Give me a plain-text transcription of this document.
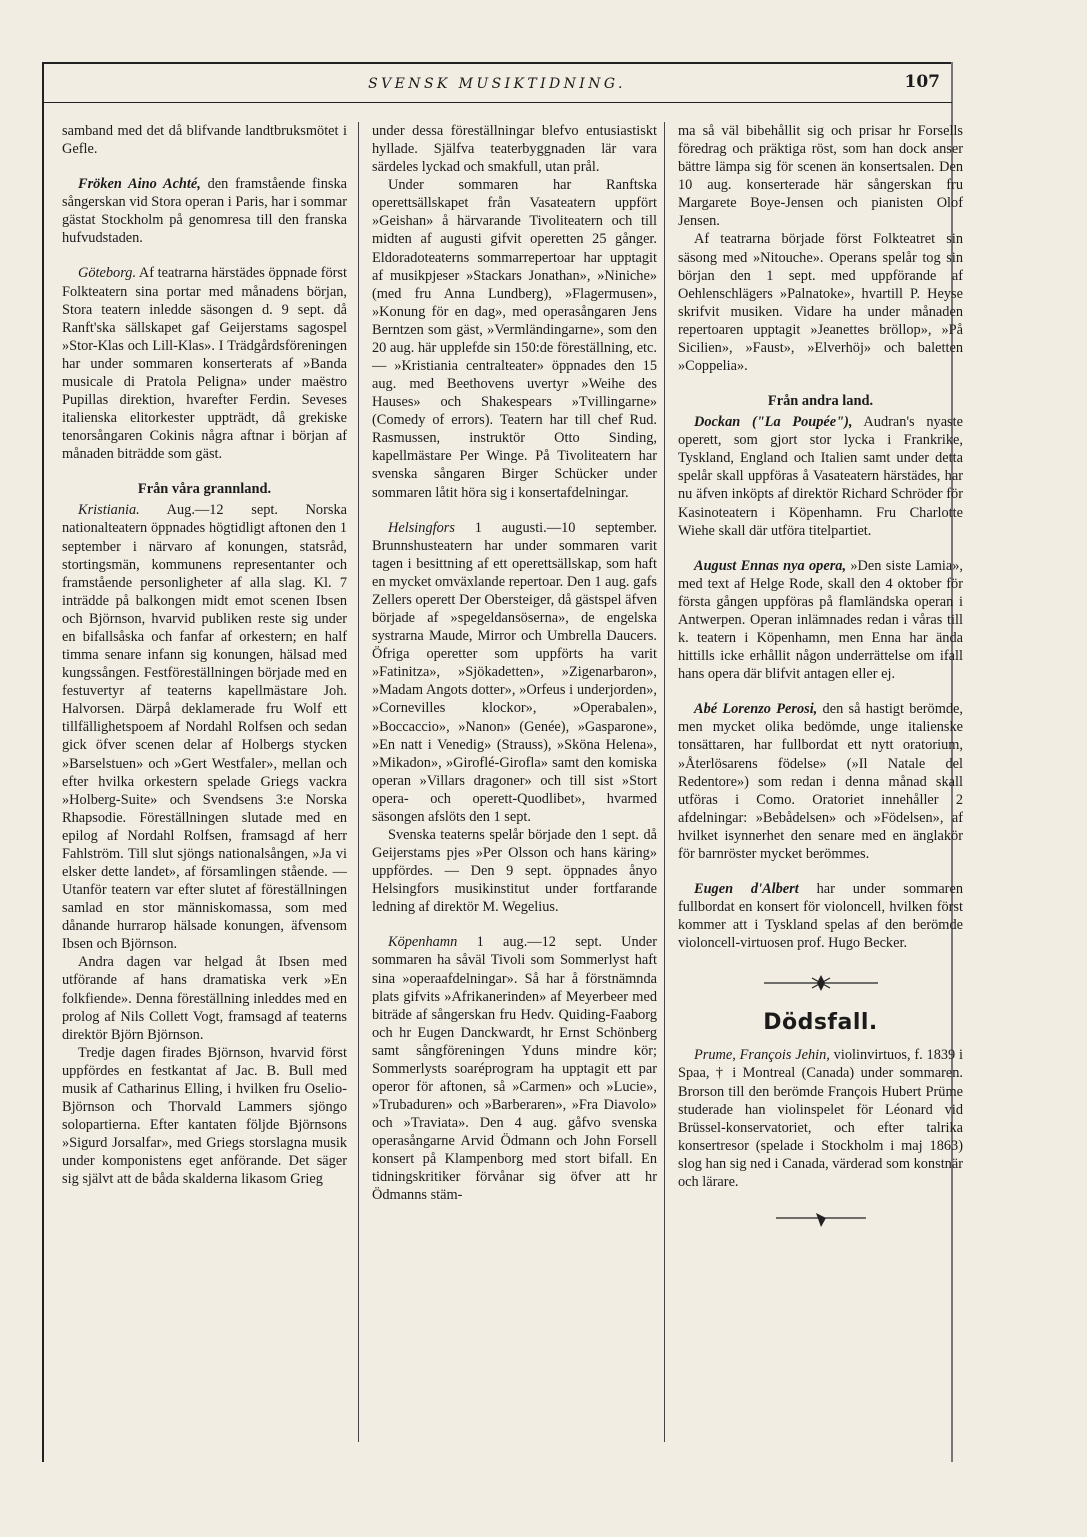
SVENSK MUSIKTIDNING.	107

samband med det då blifvande landtbruksmötet i Gefle.

Fröken Aino Achté, den framstående finska sångerskan vid Stora operan i Paris, har i sommar gästat Stockholm på genomresa till den franska hufvudstaden.

Göteborg. Af teatrarna härstädes öppnade först Folkteatern sina portar med månadens början, Stora teatern inledde säsongen d. 9 sept. då Ranft'ska sällskapet gaf Geijerstams sagospel »Stor-Klas och Lill-Klas». I Trädgårdsföreningen har under sommaren konserterats af »Banda musicale di Pratola Peligna» under maëstro Pupillas direktion, hvarefter Ferdin. Seveses italienska elitorkester uppträdt, då grekiske tenorsångaren Cokinis några aftnar i början af månaden biträdde som gäst.

Från våra grannland.

Kristiania. Aug.—12 sept. Norska nationalteatern öppnades högtidligt aftonen den 1 september i närvaro af konungen, statsråd, stortingsmän, kommunens representanter och framstående personligheter af alla slag. Kl. 7 inträdde på balkongen midt emot scenen Ibsen och Björnson, hvarvid publiken reste sig under en bifallsåska och fanfar af orkestern; en half timma senare infann sig konungen, hälsad med kungssången. Festföreställningen började med en festuvertyr af teaterns kapellmästare Joh. Halvorsen. Därpå deklamerade fru Wolf ett tillfällighetspoem af Nordahl Rolfsen och sedan gick öfver scenen delar af Holbergs stycken »Barselstuen» och »Gert Westfaler», mellan och efter hvilka orkestern spelade Griegs vackra »Holberg-Suite» och Svendsens 3:e Norska Rhapsodie. Föreställningen slutade med en epilog af Nordahl Rolfsen, framsagd af herr Fahlström. Till slut sjöngs nationalsången, »Ja vi elsker dette landet», af församlingen stående. — Utanför teatern var efter slutet af föreställningen samlad en stor människomassa, som med dånande hurrarop hälsade konungen, äfvensom Ibsen och Björnson.

Andra dagen var helgad åt Ibsen med utförande af hans dramatiska verk »En folkfiende». Denna föreställning inleddes med en prolog af Nils Collett Vogt, framsagd af teaterns direktör Björn Björnson.

Tredje dagen firades Björnson, hvarvid först uppfördes en festkantat af Jac. B. Bull med musik af Catharinus Elling, i hvilken fru Oselio-Björnson och Thorvald Lammers sjöngo solopartierna. Efter kantaten följde Björnsons »Sigurd Jorsalfar», med Griegs storslagna musik under komponistens eget anförande. Det säger sig självt att de båda skalderna likasom Grieg

under dessa föreställningar blefvo entusiastiskt hyllade. Själfva teaterbyggnaden lär vara särdeles lyckad och smakfull, utan prål.

Under sommaren har Ranftska operettsällskapet från Vasateatern uppfört »Geishan» å härvarande Tivoliteatern och till midten af augusti gifvit operetten 25 gånger. Eldoradoteaterns sommarrepertoar har upptagit af musikpjeser »Stackars Jonathan», »Niniche» (med fru Anna Lundberg), »Flagermusen», »Konung för en dag», med operasångaren Jens Berntzen som gäst, »Vermländingarne», som den 20 aug. här upplefde sin 150:de föreställning, etc. — »Kristiania centralteater» öppnades den 15 aug. med Beethovens uvertyr »Weihe des Hauses» och Shakespears »Tvillingarne» (Comedy of errors). Teatern har till chef Rud. Rasmussen, instruktör Otto Sinding, kapellmästare Per Winge. På Tivoliteatern har svenska sångaren Birger Schücker under sommaren låtit höra sig i konsertafdelningar.

Helsingfors 1 augusti.—10 september. Brunnshusteatern har under sommaren varit tagen i besittning af ett operettsällskap, som haft en mycket omväxlande repertoar. Den 1 aug. gafs Zellers operett Der Obersteiger, då gästspel äfven började af »spegeldansöserna», de engelska systrarna Maude, Mirror och Umbrella Daucers. Öfriga operetter som uppförts ha varit »Fatinitza», »Sjökadetten», »Zigenarbaron», »Madam Angots dotter», »Orfeus i underjorden», »Cornevilles klockor», »Operabalen», »Boccaccio», »Nanon» (Genée), »Gasparone», »En natt i Venedig» (Strauss), »Sköna Helena», »Mikadon», »Giroflé-Girofla» samt den komiska operan »Villars dragoner» och till sist »Stort opera- och operett-Quodlibet», hvarmed säsongen afslöts den 1 sept.

Svenska teaterns spelår började den 1 sept. då Geijerstams pjes »Per Olsson och hans käring» uppfördes. — Den 9 sept. öppnades ånyo Helsingfors musikinstitut under fortfarande ledning af direktör M. Wegelius.

Köpenhamn 1 aug.—12 sept. Under sommaren ha såväl Tivoli som Sommerlyst haft sina »operaafdelningar». Så har å förstnämnda plats gifvits »Afrikanerinden» af Meyerbeer med biträde af sångerskan fru Hedv. Quiding-Faaborg och hr Eugen Danckwardt, hr Ernst Schönberg samt sångföreningen Yduns mindre kör; Sommerlysts soaréprogram ha upptagit ett par operor för aftonen, så »Carmen» och »Lucie», »Trubaduren» och »Barberaren», »Fra Diavolo» och »Traviata». Den 4 aug. gåfvo svenska operasångarne Arvid Ödmann och John Forsell konsert på Klampenborg med stort bifall. En tidningskritiker förvånar sig öfver att hr Ödmanns stäm-

ma så väl bibehållit sig och prisar hr Forsells föredrag och präktiga röst, som han dock anser bättre lämpa sig för scenen än konsertsalen. Den 10 aug. konserterade här sångerskan fru Margarete Boye-Jensen och pianisten Olof Jensen.

Af teatrarna började först Folkteatret sin säsong med »Nitouche». Operans spelår tog sin början den 1 sept. med uppförande af Oehlenschlägers »Palnatoke», hvartill P. Heyse skrifvit musiken. Vidare ha under månaden repertoaren upptagit »Jeanettes bröllop», »På Sicilien», »Faust», »Elverhöj» och baletten »Coppelia».

Från andra land.

Dockan ("La Poupée"), Audran's nyaste operett, som gjort stor lycka i Frankrike, Tyskland, England och Italien samt under detta spelår skall uppföras å Vasateatern härstädes, har nu äfven inköpts af direktör Richard Schröder för Kasinoteatern i Köpenhamn. Fru Charlotte Wiehe skall där utföra titelpartiet.

August Ennas nya opera, »Den siste Lamia», med text af Helge Rode, skall den 4 oktober för första gången uppföras på flamländska operan i Antwerpen. Operan inlämnades redan i våras till k. teatern i Köpenhamn, men Enna har ända hittills icke erhållit någon underrättelse om ifall hans opera där blifvit antagen eller ej.

Abé Lorenzo Perosi, den så hastigt berömde, men mycket olika bedömde, unge italienske tonsättaren, har fullbordat ett nytt oratorium, »Återlösarens födelse» (»Il Natale del Redentore») som redan i denna månad skall utföras i Como. Oratoriet innehåller 2 afdelningar: »Bebådelsen» och »Födelsen», af hvilket isynnerhet den senare med en änglakör för barnröster mycket berömmes.

Eugen d'Albert har under sommaren fullbordat en konsert för violoncell, hvilken först kommer att i Tyskland spelas af den berömde violoncell-virtuosen prof. Hugo Becker.

Dödsfall.

Prume, François Jehin, violinvirtuos, f. 1839 i Spaa, † i Montreal (Canada) under sommaren. Brorson till den berömde François Hubert Prüme studerade han violinspelet för Léonard vid Brüssel-konservatoriet, och efter talrika konsertresor (spelade i Stockholm i maj 1863) slog han sig ned i Canada, värderad som konstnär och lärare.
